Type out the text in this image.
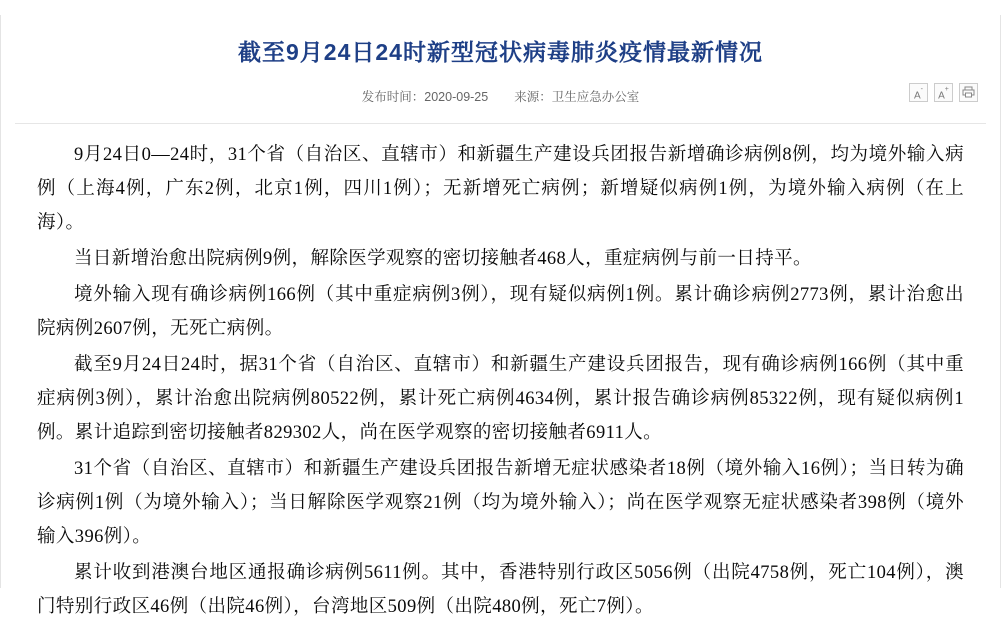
截至9月24日24时新型冠状病毒肺炎疫情最新情况
发布时间：2020-09-25 来源：卫生应急办公室	A-
A+

9月24日0—24时，31个省（自治区、直辖市）和新疆生产建设兵团报告新增确诊病例8例，均为境外输入病例（上海4例，广东2例，北京1例，四川1例）；无新增死亡病例；新增疑似病例1例，为境外输入病例（在上海）。

当日新增治愈出院病例9例，解除医学观察的密切接触者468人，重症病例与前一日持平。

境外输入现有确诊病例166例（其中重症病例3例），现有疑似病例1例。累计确诊病例2773例，累计治愈出院病例2607例，无死亡病例。

截至9月24日24时，据31个省（自治区、直辖市）和新疆生产建设兵团报告，现有确诊病例166例（其中重症病例3例），累计治愈出院病例80522例，累计死亡病例4634例，累计报告确诊病例85322例，现有疑似病例1例。累计追踪到密切接触者829302人，尚在医学观察的密切接触者6911人。

31个省（自治区、直辖市）和新疆生产建设兵团报告新增无症状感染者18例（境外输入16例）；当日转为确诊病例1例（为境外输入）；当日解除医学观察21例（均为境外输入）；尚在医学观察无症状感染者398例（境外输入396例）。

累计收到港澳台地区通报确诊病例5611例。其中，香港特别行政区5056例（出院4758例，死亡104例），澳门特别行政区46例（出院46例），台湾地区509例（出院480例，死亡7例）。
